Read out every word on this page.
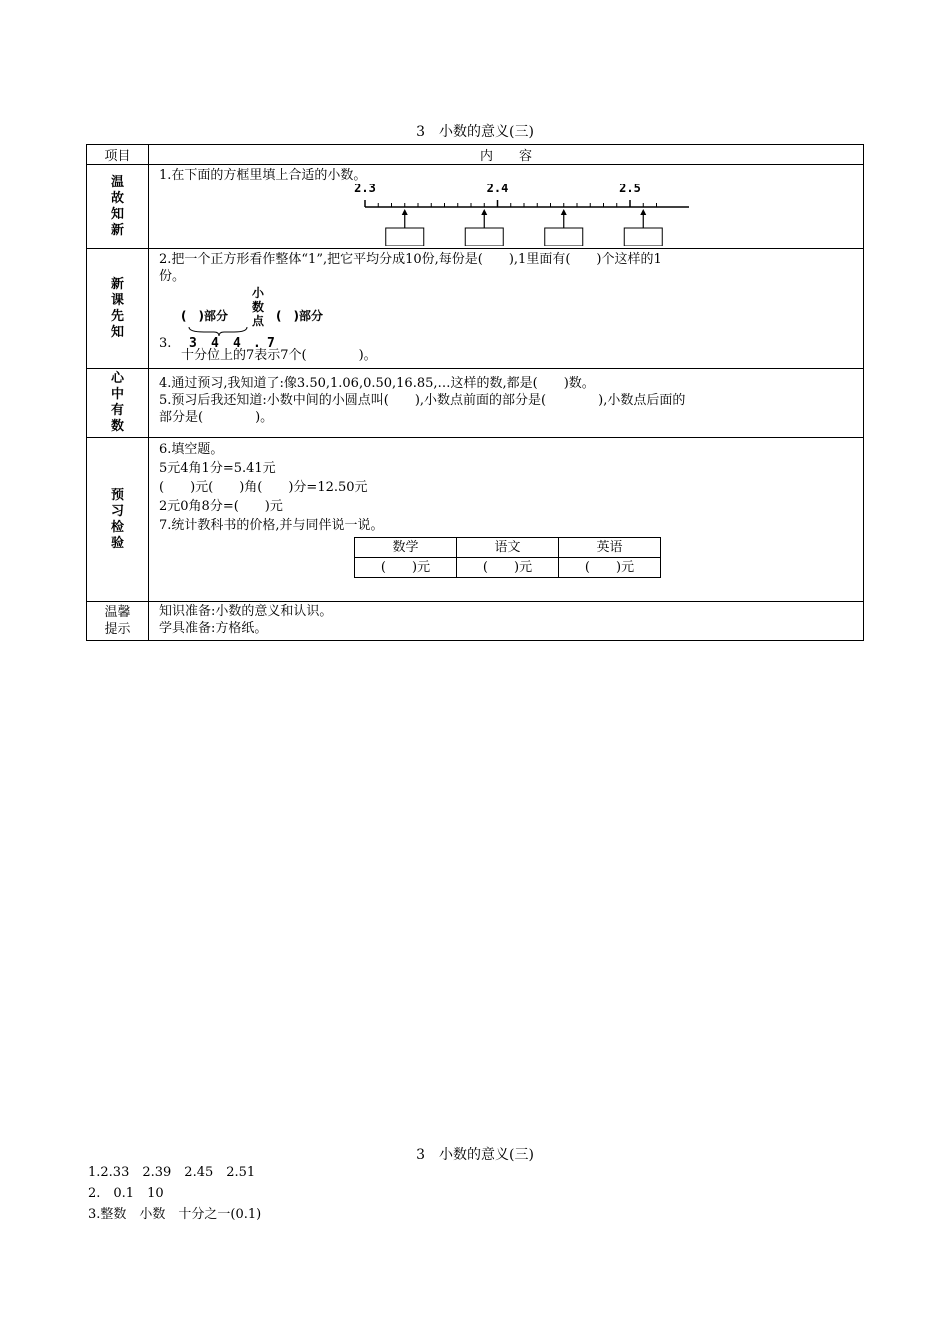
3　小数的意义(三)
项目	内　　容
温故知新	
1.在下面的方框里填上合适的小数。
2.3	2.4	2.5

新课先知	
2.把一个正方形看作整体“1”,把它平均分成10份,每份是(　　),1里面有(　　)个这样的1
份。
(　)部分	(　)部分
小数点
3 4 4 . 7
3.
十分位上的7表示7个(　　　　)。

心中有数	
4.通过预习,我知道了:像3.50,1.06,0.50,16.85,…这样的数,都是(　　)数。
5.预习后我还知道:小数中间的小圆点叫(　　),小数点前面的部分是(　　　　),小数点后面的
部分是(　　　　)。

预习检验	
6.填空题。
5元4角1分=5.41元
(　　)元(　　)角(　　)分=12.50元
2元0角8分=(　　)元
7.统计教科书的价格,并与同伴说一说。
数学	语文	英语
(　　)元	(　　)元	(　　)元

温馨提示	
知识准备:小数的意义和认识。
学具准备:方格纸。
3　小数的意义(三)
1.2.33　2.39　2.45　2.51
2.　0.1　10
3.整数　小数　十分之一(0.1)
